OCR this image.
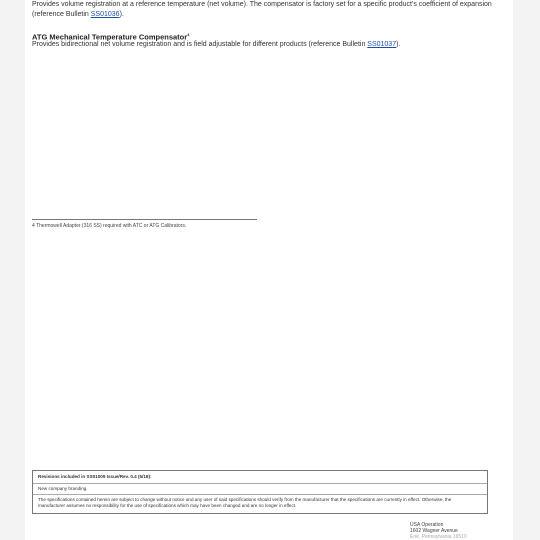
Provides volume registration at a reference temperature (net volume). The compensator is factory set for a specific product's coefficient of expansion (reference Bulletin SS01036).
ATG Mechanical Temperature Compensator$^4$
Provides bidirectional net volume registration and is field adjustable for different products (reference Bulletin SS01037).
4 Thermowell Adapter (316 SS) required with ATC or ATG Calibrators.
Revisions included in SS01009 Issue/Rev. 0.4 (5/18):
New company branding.
The specifications contained herein are subject to change without notice and any user of said specifications should verify from the manufacturer that the specifications are currently in effect. Otherwise, the manufacturer assumes no responsibility for the use of specifications which may have been changed and are no longer in effect.
USA Operation
1602 Wagner Avenue
Erie, Pennsylvania 16510
